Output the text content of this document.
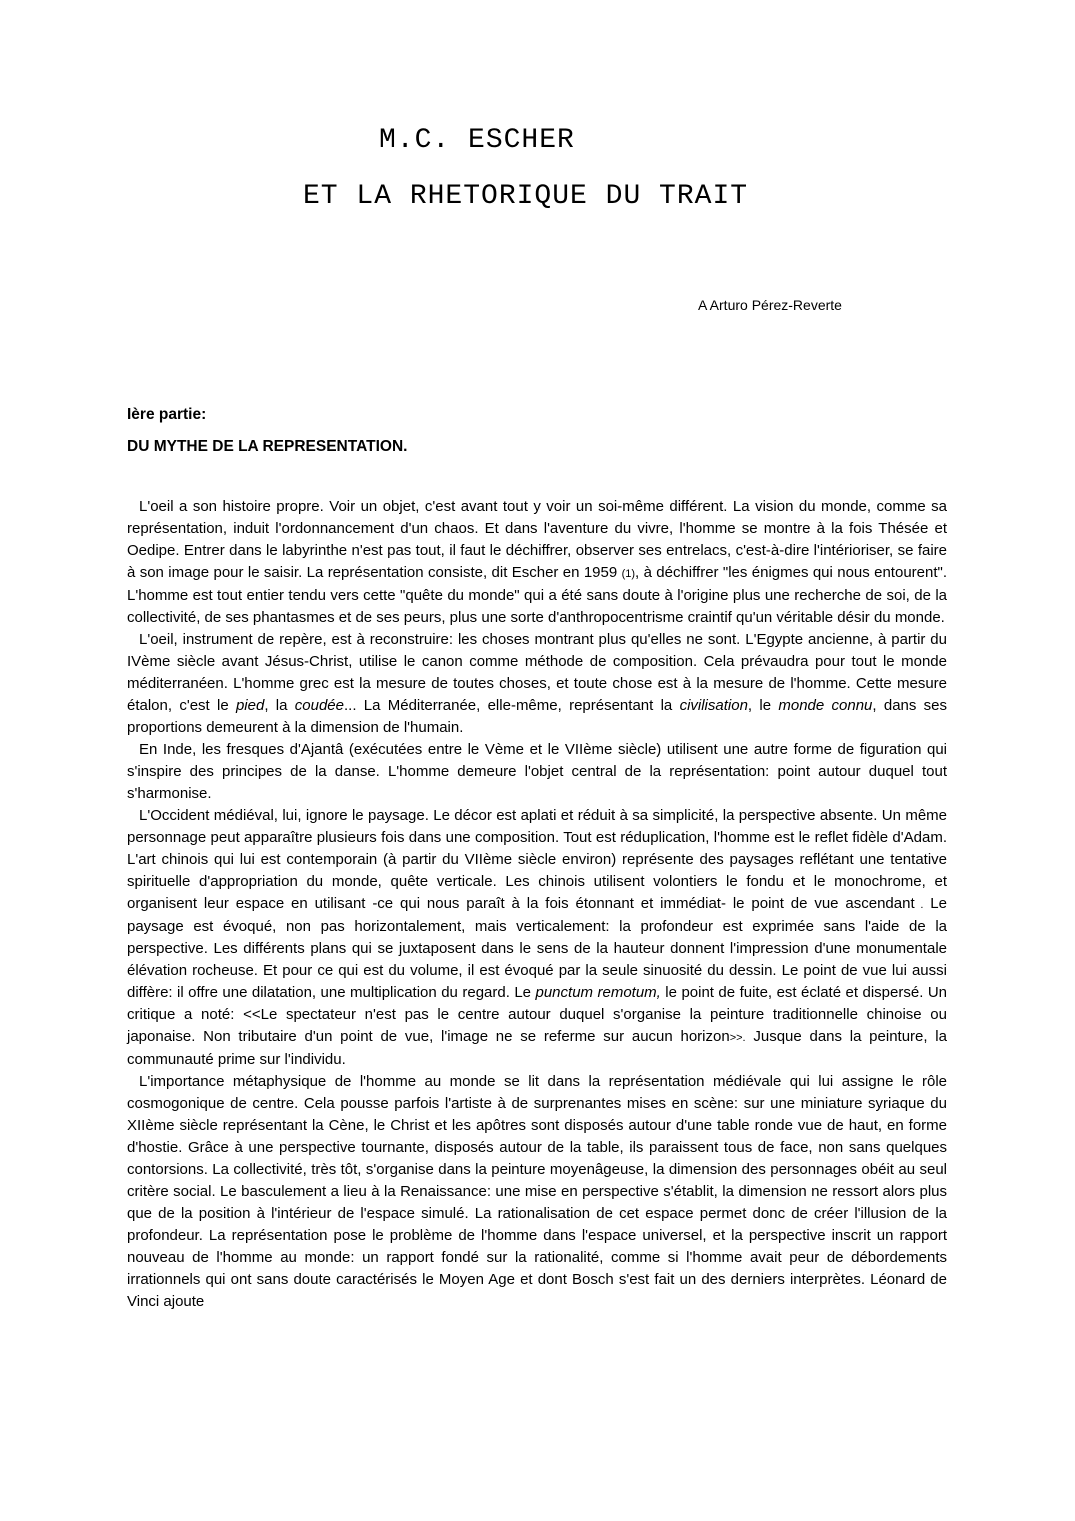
M.C. ESCHER
ET LA RHETORIQUE DU TRAIT
A Arturo Pérez-Reverte
Ière partie:
DU MYTHE DE LA REPRESENTATION.

L'oeil a son histoire propre. Voir un objet, c'est avant tout y voir un soi-même différent. La vision du monde, comme sa représentation, induit l'ordonnancement d'un chaos. Et dans l'aventure du vivre, l'homme se montre à la fois Thésée et Oedipe. Entrer dans le labyrinthe n'est pas tout, il faut le déchiffrer, observer ses entrelacs, c'est-à-dire l'intérioriser, se faire à son image pour le saisir. La représentation consiste, dit Escher en 1959 (1), à déchiffrer "les énigmes qui nous entourent". L'homme est tout entier tendu vers cette "quête du monde" qui a été sans doute à l'origine plus une recherche de soi, de la collectivité, de ses phantasmes et de ses peurs, plus une sorte d'anthropocentrisme craintif qu'un véritable désir du monde.

L'oeil, instrument de repère, est à reconstruire: les choses montrant plus qu'elles ne sont. L'Egypte ancienne, à partir du IVème siècle avant Jésus-Christ, utilise le canon comme méthode de composition. Cela prévaudra pour tout le monde méditerranéen. L'homme grec est la mesure de toutes choses, et toute chose est à la mesure de l'homme. Cette mesure étalon, c'est le pied, la coudée... La Méditerranée, elle-même, représentant la civilisation, le monde connu, dans ses proportions demeurent à la dimension de l'humain.

En Inde, les fresques d'Ajantâ (exécutées entre le Vème et le VIIème siècle) utilisent une autre forme de figuration qui s'inspire des principes de la danse. L'homme demeure l'objet central de la représentation: point autour duquel tout s'harmonise.

L'Occident médiéval, lui, ignore le paysage. Le décor est aplati et réduit à sa simplicité, la perspective absente. Un même personnage peut apparaître plusieurs fois dans une composition. Tout est réduplication, l'homme est le reflet fidèle d'Adam. L'art chinois qui lui est contemporain (à partir du VIIème siècle environ) représente des paysages reflétant une tentative spirituelle d'appropriation du monde, quête verticale. Les chinois utilisent volontiers le fondu et le monochrome, et organisent leur espace en utilisant -ce qui nous paraît à la fois étonnant et immédiat- le point de vue ascendant . Le paysage est évoqué, non pas horizontalement, mais verticalement: la profondeur est exprimée sans l'aide de la perspective. Les différents plans qui se juxtaposent dans le sens de la hauteur donnent l'impression d'une monumentale élévation rocheuse. Et pour ce qui est du volume, il est évoqué par la seule sinuosité du dessin. Le point de vue lui aussi diffère: il offre une dilatation, une multiplication du regard. Le punctum remotum, le point de fuite, est éclaté et dispersé. Un critique a noté: <<Le spectateur n'est pas le centre autour duquel s'organise la peinture traditionnelle chinoise ou japonaise. Non tributaire d'un point de vue, l'image ne se referme sur aucun horizon>>. Jusque dans la peinture, la communauté prime sur l'individu.

L'importance métaphysique de l'homme au monde se lit dans la représentation médiévale qui lui assigne le rôle cosmogonique de centre. Cela pousse parfois l'artiste à de surprenantes mises en scène: sur une miniature syriaque du XIIème siècle représentant la Cène, le Christ et les apôtres sont disposés autour d'une table ronde vue de haut, en forme d'hostie. Grâce à une perspective tournante, disposés autour de la table, ils paraissent tous de face, non sans quelques contorsions. La collectivité, très tôt, s'organise dans la peinture moyenâgeuse, la dimension des personnages obéit au seul critère social. Le basculement a lieu à la Renaissance: une mise en perspective s'établit, la dimension ne ressort alors plus que de la position à l'intérieur de l'espace simulé. La rationalisation de cet espace permet donc de créer l'illusion de la profondeur. La représentation pose le problème de l'homme dans l'espace universel, et la perspective inscrit un rapport nouveau de l'homme au monde: un rapport fondé sur la rationalité, comme si l'homme avait peur de débordements irrationnels qui ont sans doute caractérisés le Moyen Age et dont Bosch s'est fait un des derniers interprètes. Léonard de Vinci ajoute
